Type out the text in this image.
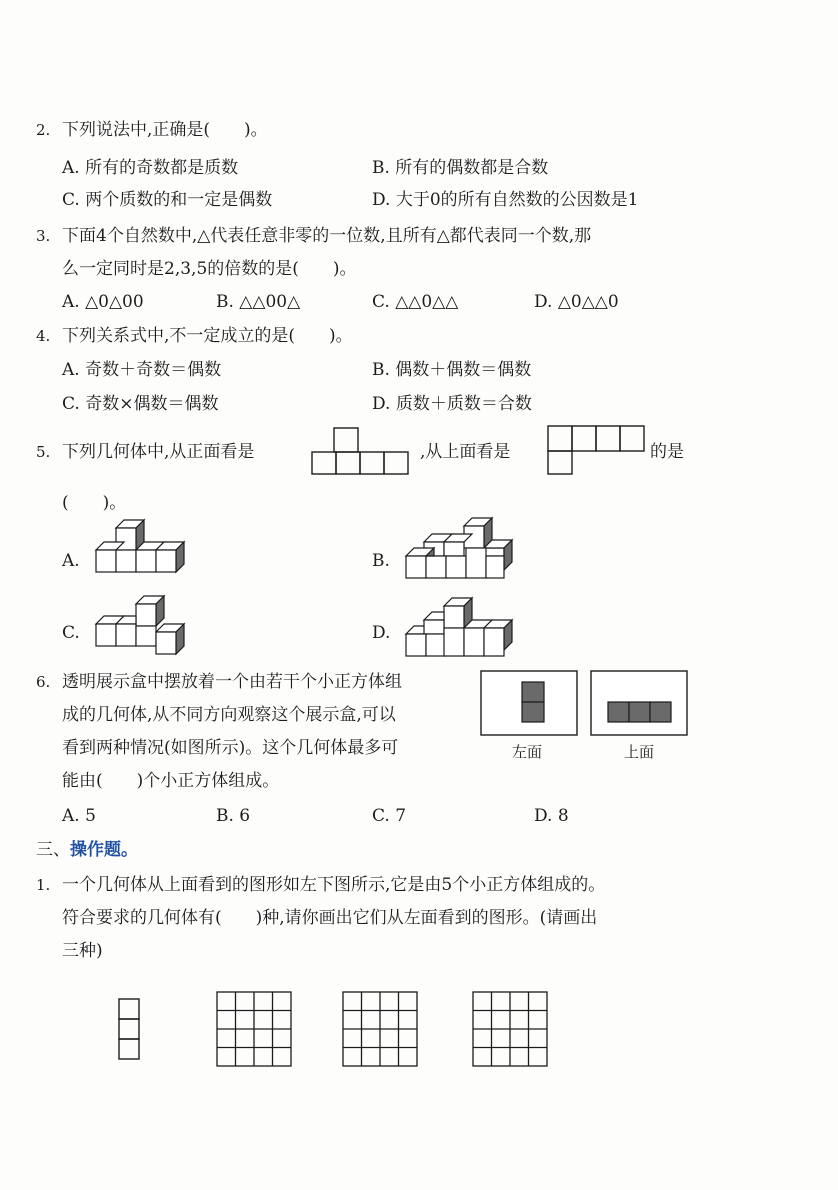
2. 下列说法中,正确是(　　)。
A. 所有的奇数都是质数	B. 所有的偶数都是合数
C. 两个质数的和一定是偶数	D. 大于0的所有自然数的公因数是1
3. 下面4个自然数中,△代表任意非零的一位数,且所有△都代表同一个数,那
么一定同时是2,3,5的倍数的是(　　)。
A. △0△00	B. △△00△	C. △△0△△	D. △0△△0
4. 下列关系式中,不一定成立的是(　　)。
A. 奇数＋奇数＝偶数	B. 偶数＋偶数＝偶数
C. 奇数×偶数＝偶数	D. 质数＋质数＝合数
5. 下列几何体中,从正面看是	,从上面看是	的是
(　　)。
A.	B.
C.	D.
6. 透明展示盒中摆放着一个由若干个小正方体组
成的几何体,从不同方向观察这个展示盒,可以
看到两种情况(如图所示)。这个几何体最多可
能由(　　)个小正方体组成。
左面	上面
A. 5	B. 6	C. 7	D. 8
三、操作题。
1. 一个几何体从上面看到的图形如左下图所示,它是由5个小正方体组成的。
符合要求的几何体有(　　)种,请你画出它们从左面看到的图形。(请画出
三种)
